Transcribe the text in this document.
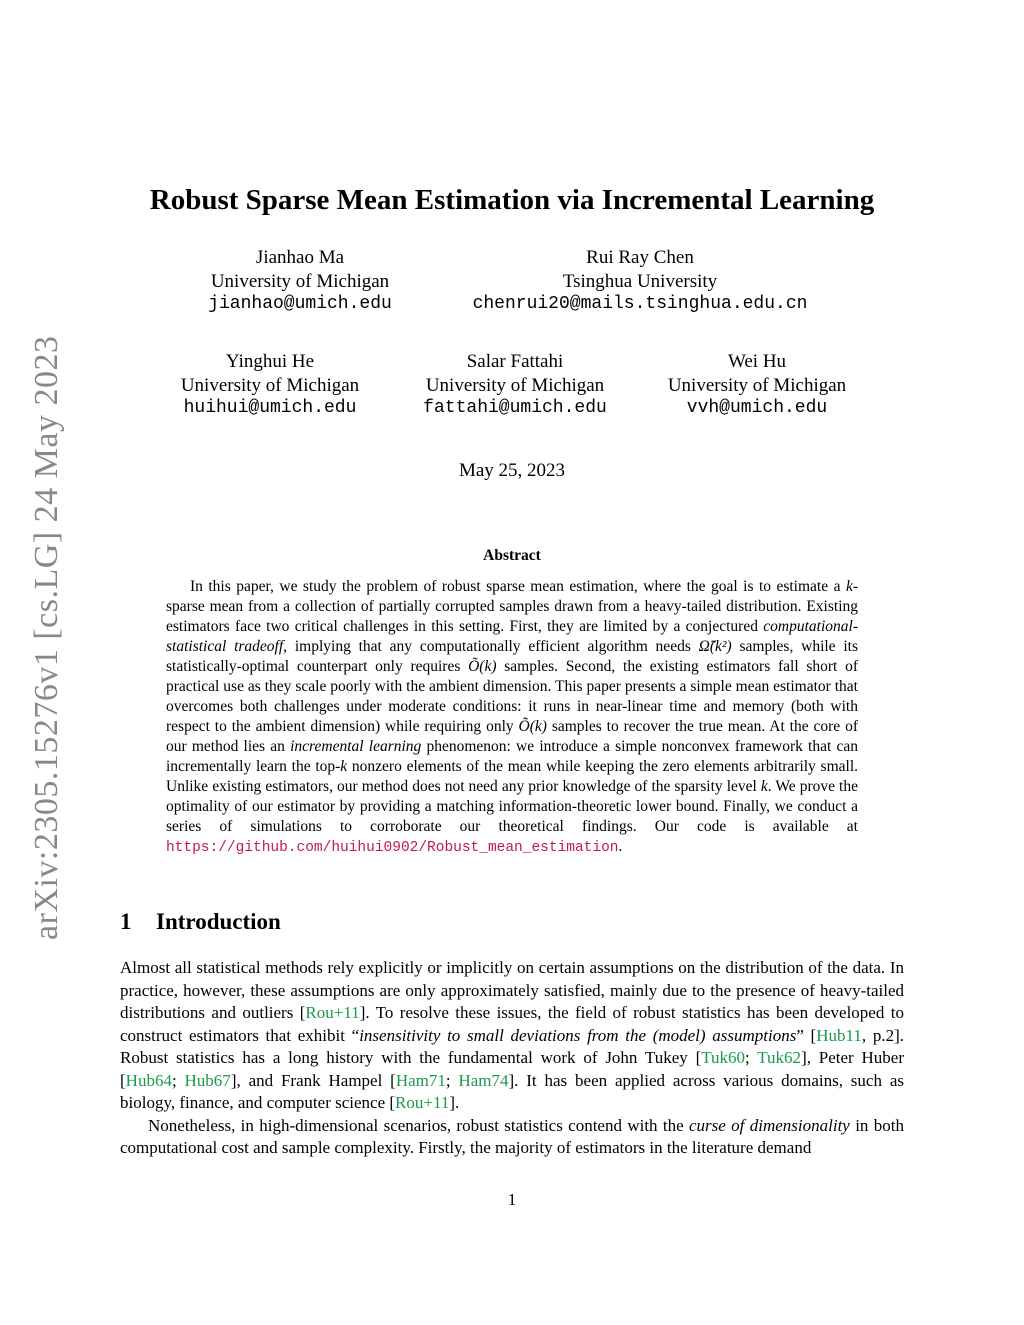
arXiv:2305.15276v1 [cs.LG] 24 May 2023
Robust Sparse Mean Estimation via Incremental Learning
Jianhao Ma
University of Michigan
jianhao@umich.edu
Rui Ray Chen
Tsinghua University
chenrui20@mails.tsinghua.edu.cn
Yinghui He
University of Michigan
huihui@umich.edu
Salar Fattahi
University of Michigan
fattahi@umich.edu
Wei Hu
University of Michigan
vvh@umich.edu
May 25, 2023
Abstract

In this paper, we study the problem of robust sparse mean estimation, where the goal is to estimate a k-sparse mean from a collection of partially corrupted samples drawn from a heavy-tailed distribution. Existing estimators face two critical challenges in this setting. First, they are limited by a conjectured computational-statistical tradeoff, implying that any computationally efficient algorithm needs Ω̃(k²) samples, while its statistically-optimal counterpart only requires Õ(k) samples. Second, the existing estimators fall short of practical use as they scale poorly with the ambient dimension. This paper presents a simple mean estimator that overcomes both challenges under moderate conditions: it runs in near-linear time and memory (both with respect to the ambient dimension) while requiring only Õ(k) samples to recover the true mean. At the core of our method lies an incremental learning phenomenon: we introduce a simple nonconvex framework that can incrementally learn the top-k nonzero elements of the mean while keeping the zero elements arbitrarily small. Unlike existing estimators, our method does not need any prior knowledge of the sparsity level k. We prove the optimality of our estimator by providing a matching information-theoretic lower bound. Finally, we conduct a series of simulations to corroborate our theoretical findings. Our code is available at https://github.com/huihui0902/Robust_mean_estimation.

1 Introduction

Almost all statistical methods rely explicitly or implicitly on certain assumptions on the distribution of the data. In practice, however, these assumptions are only approximately satisfied, mainly due to the presence of heavy-tailed distributions and outliers [Rou+11]. To resolve these issues, the field of robust statistics has been developed to construct estimators that exhibit “insensitivity to small deviations from the (model) assumptions” [Hub11, p.2]. Robust statistics has a long history with the fundamental work of John Tukey [Tuk60; Tuk62], Peter Huber [Hub64; Hub67], and Frank Hampel [Ham71; Ham74]. It has been applied across various domains, such as biology, finance, and computer science [Rou+11].

Nonetheless, in high-dimensional scenarios, robust statistics contend with the curse of dimensionality in both computational cost and sample complexity. Firstly, the majority of estimators in the literature demand

1
